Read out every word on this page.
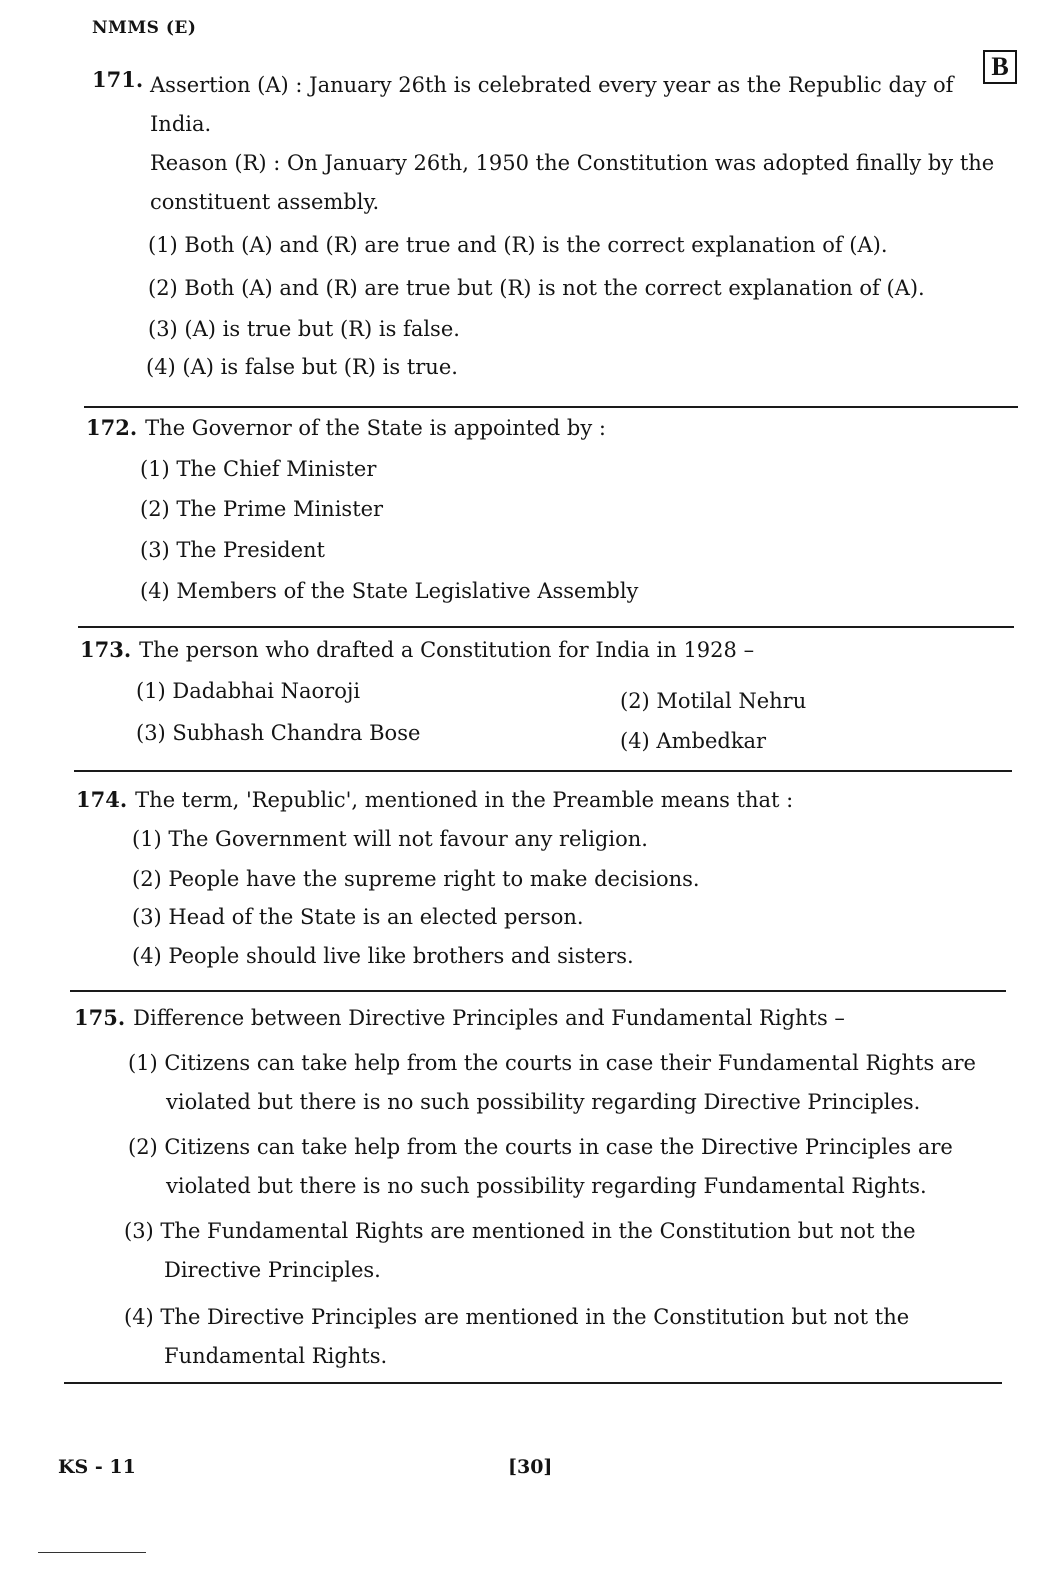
NMMS (E)
B
171. Assertion (A) : January 26th is celebrated every year as the Republic day of India.
Reason (R) : On January 26th, 1950 the Constitution was adopted finally by the constituent assembly.
(1) Both (A) and (R) are true and (R) is the correct explanation of (A).
(2) Both (A) and (R) are true but (R) is not the correct explanation of (A).
(3) (A) is true but (R) is false.
(4) (A) is false but (R) is true.
172. The Governor of the State is appointed by :
(1) The Chief Minister
(2) The Prime Minister
(3) The President
(4) Members of the State Legislative Assembly
173. The person who drafted a Constitution for India in 1928 –
(1) Dadabhai Naoroji	(2) Motilal Nehru
(3) Subhash Chandra Bose	(4) Ambedkar
174. The term, 'Republic', mentioned in the Preamble means that :
(1) The Government will not favour any religion.
(2) People have the supreme right to make decisions.
(3) Head of the State is an elected person.
(4) People should live like brothers and sisters.
175. Difference between Directive Principles and Fundamental Rights –
(1) Citizens can take help from the courts in case their Fundamental Rights are violated but there is no such possibility regarding Directive Principles.
(2) Citizens can take help from the courts in case the Directive Principles are violated but there is no such possibility regarding Fundamental Rights.
(3) The Fundamental Rights are mentioned in the Constitution but not the Directive Principles.
(4) The Directive Principles are mentioned in the Constitution but not the Fundamental Rights.
KS - 11	[30]
